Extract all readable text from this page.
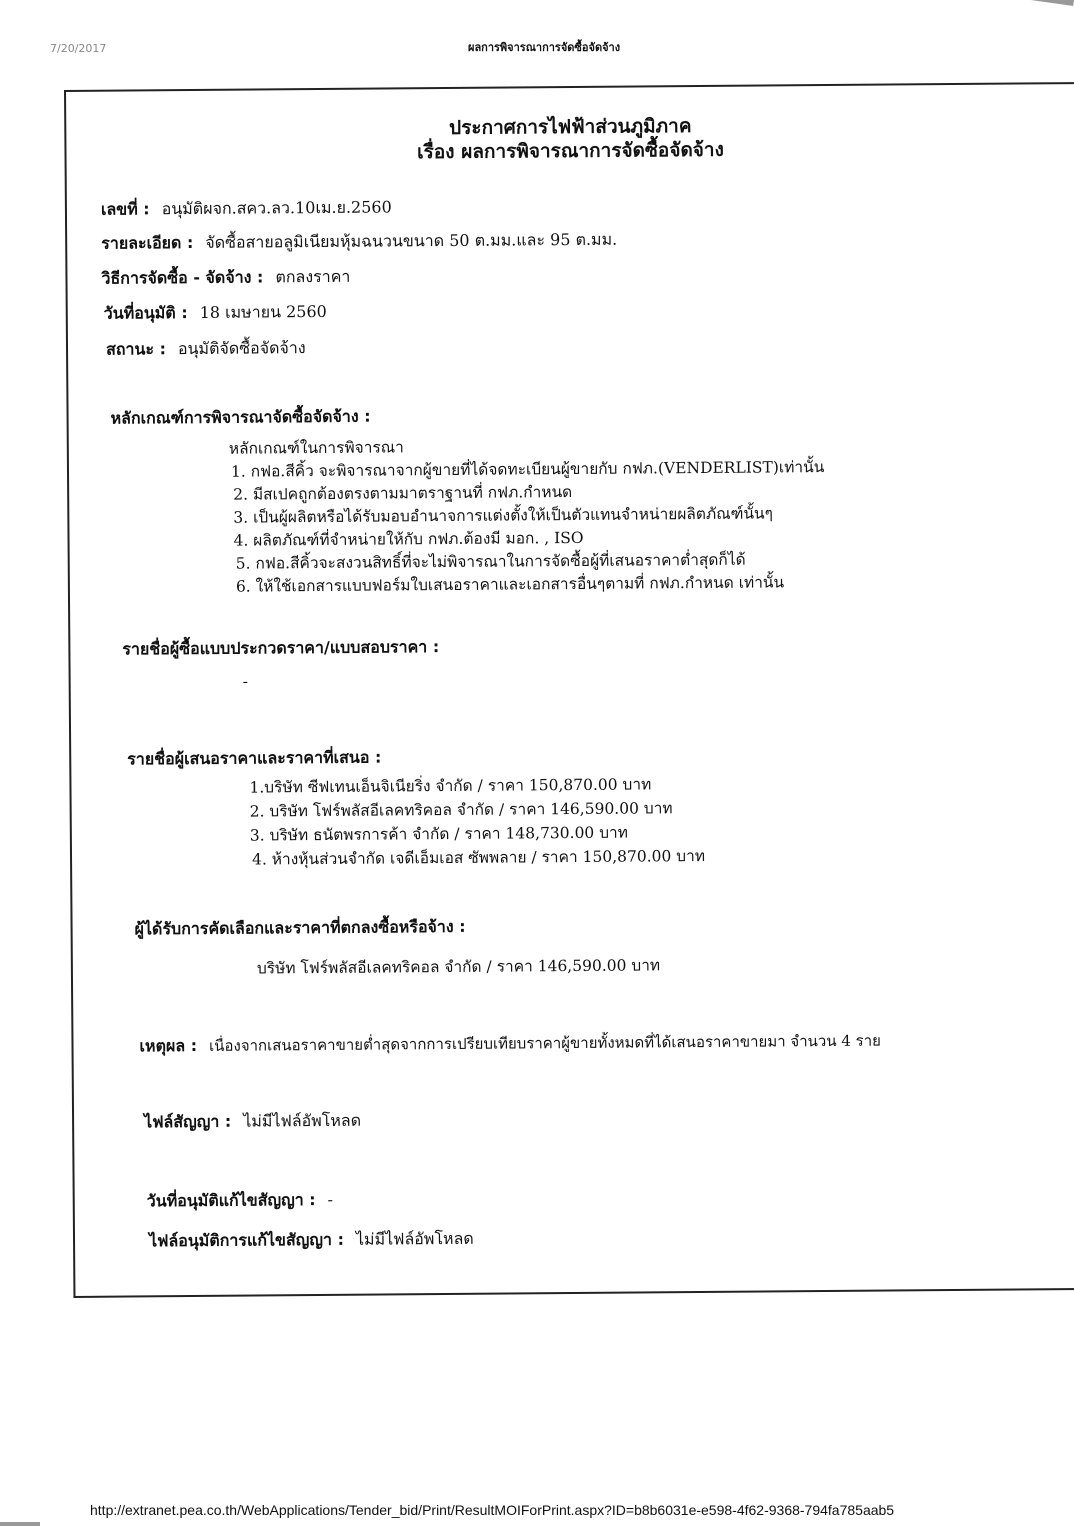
7/20/2017	ผลการพิจารณาการจัดซื้อจัดจ้าง
ประกาศการไฟฟ้าส่วนภูมิภาค
เรื่อง ผลการพิจารณาการจัดซื้อจัดจ้าง
เลขที่ : อนุมัติผจก.สคว.ลว.10เม.ย.2560
รายละเอียด : จัดซื้อสายอลูมิเนียมหุ้มฉนวนขนาด 50 ต.มม.และ 95 ต.มม.
วิธีการจัดซื้อ - จัดจ้าง : ตกลงราคา
วันที่อนุมัติ : 18 เมษายน 2560
สถานะ : อนุมัติจัดซื้อจัดจ้าง
หลักเกณฑ์การพิจารณาจัดซื้อจัดจ้าง :
หลักเกณฑ์ในการพิจารณา
1. กฟอ.สีคิ้ว จะพิจารณาจากผู้ขายที่ได้จดทะเบียนผู้ขายกับ กฟภ.(VENDERLIST)เท่านั้น
2. มีสเปคถูกต้องตรงตามมาตราฐานที่ กฟภ.กำหนด
3. เป็นผู้ผลิตหรือได้รับมอบอำนาจการแต่งตั้งให้เป็นตัวแทนจำหน่ายผลิตภัณฑ์นั้นๆ
4. ผลิตภัณฑ์ที่จำหน่ายให้กับ กฟภ.ต้องมี มอก. , ISO
5. กฟอ.สีคิ้วจะสงวนสิทธิ์ที่จะไม่พิจารณาในการจัดซื้อผู้ที่เสนอราคาต่ำสุดก็ได้
6. ให้ใช้เอกสารแบบฟอร์มใบเสนอราคาและเอกสารอื่นๆตามที่ กฟภ.กำหนด เท่านั้น
รายชื่อผู้ซื้อแบบประกวดราคา/แบบสอบราคา :
-
รายชื่อผู้เสนอราคาและราคาที่เสนอ :
1.บริษัท ซีฟเทนเอ็นจิเนียริ่ง จำกัด / ราคา 150,870.00 บาท
2. บริษัท โฟร์พลัสอีเลคทริคอล จำกัด / ราคา 146,590.00 บาท
3. บริษัท ธนัตพรการค้า จำกัด / ราคา 148,730.00 บาท
4. ห้างหุ้นส่วนจำกัด เจดีเอ็มเอส ซัพพลาย / ราคา 150,870.00 บาท
ผู้ได้รับการคัดเลือกและราคาที่ตกลงซื้อหรือจ้าง :
บริษัท โฟร์พลัสอีเลคทริคอล จำกัด / ราคา 146,590.00 บาท
เหตุผล : เนื่องจากเสนอราคาขายต่ำสุดจากการเปรียบเทียบราคาผู้ขายทั้งหมดที่ได้เสนอราคาขายมา จำนวน 4 ราย
ไฟล์สัญญา : ไม่มีไฟล์อัพโหลด
วันที่อนุมัติแก้ไขสัญญา : -
ไฟล์อนุมัติการแก้ไขสัญญา : ไม่มีไฟล์อัพโหลด
http://extranet.pea.co.th/WebApplications/Tender_bid/Print/ResultMOIForPrint.aspx?ID=b8b6031e-e598-4f62-9368-794fa785aab5
